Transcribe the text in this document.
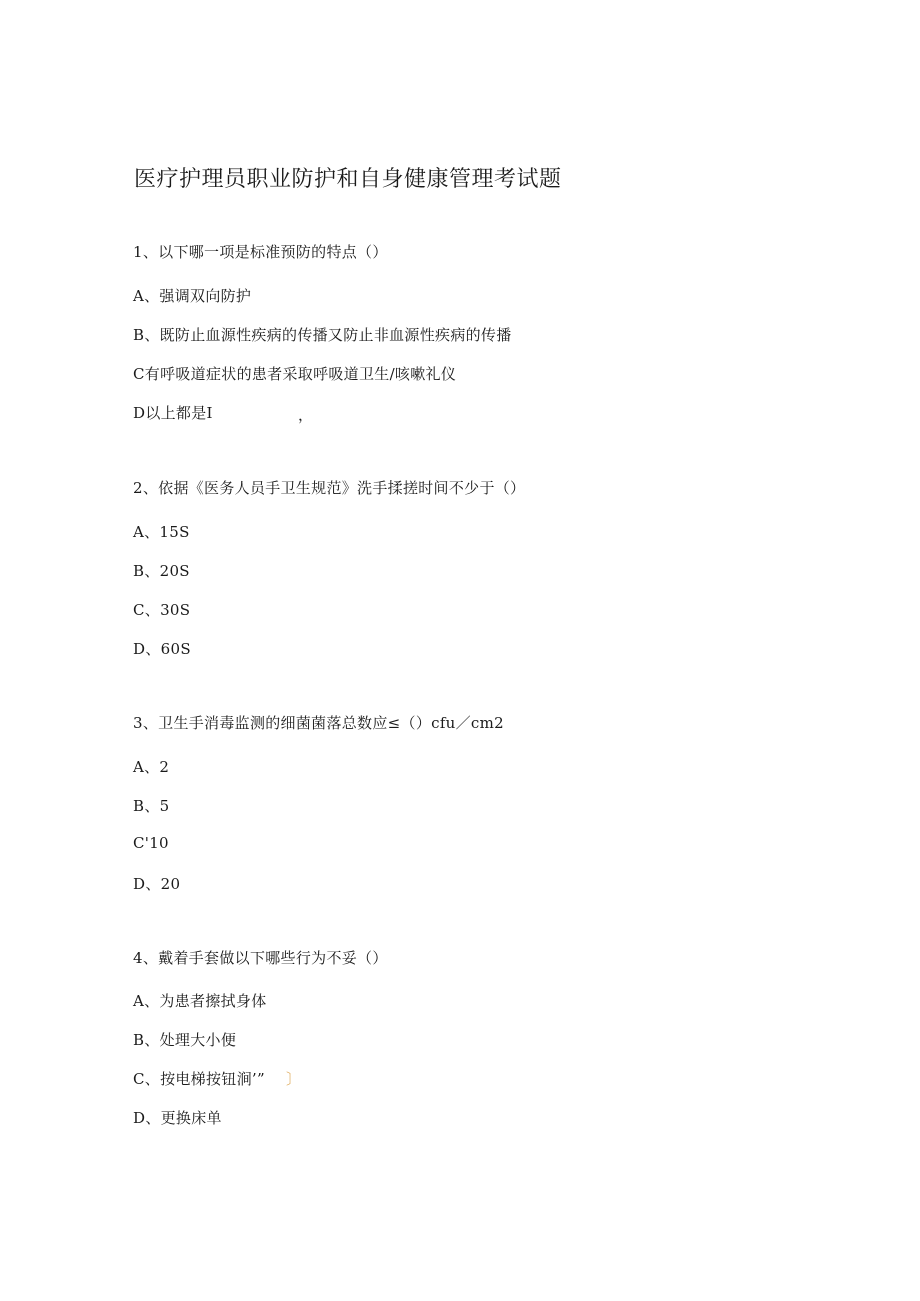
医疗护理员职业防护和自身健康管理考试题
1、以下哪一项是标准预防的特点（）
A、强调双向防护
B、既防止血源性疾病的传播又防止非血源性疾病的传播
C有呼吸道症状的患者采取呼吸道卫生/咳嗽礼仪
D以上都是I	，
2、依据《医务人员手卫生规范》洗手揉搓时间不少于（）
A、15S
B、20S
C、30S
D、60S
3、卫生手消毒监测的细菌菌落总数应≤（）cfu／cm2
A、2
B、5
C'10
D、20
4、戴着手套做以下哪些行为不妥（）
A、为患者擦拭身体
B、处理大小便
C、按电梯按钮涧’” 〕
D、更换床单
